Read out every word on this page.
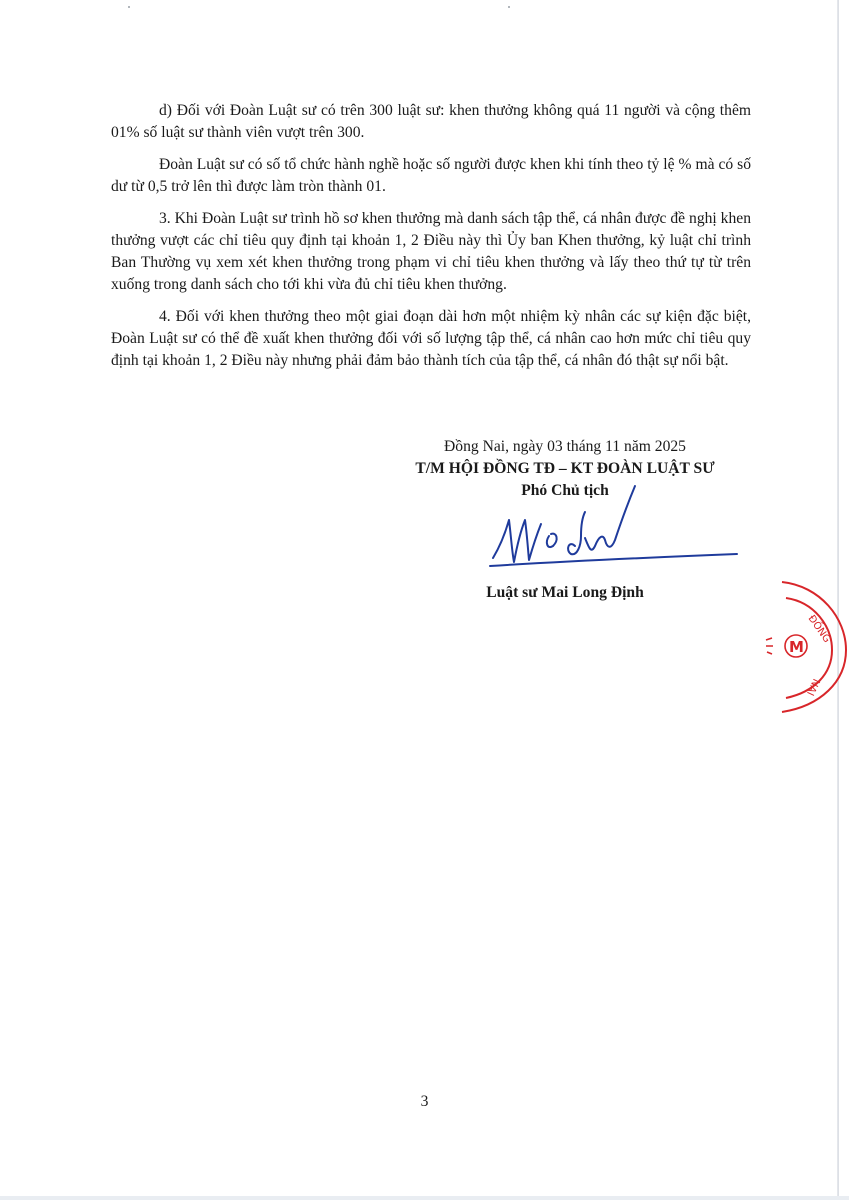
d) Đối với Đoàn Luật sư có trên 300 luật sư: khen thưởng không quá 11 người và cộng thêm 01% số luật sư thành viên vượt trên 300.

Đoàn Luật sư có số tổ chức hành nghề hoặc số người được khen khi tính theo tỷ lệ % mà có số dư từ 0,5 trở lên thì được làm tròn thành 01.

3. Khi Đoàn Luật sư trình hồ sơ khen thưởng mà danh sách tập thể, cá nhân được đề nghị khen thưởng vượt các chỉ tiêu quy định tại khoản 1, 2 Điều này thì Ủy ban Khen thưởng, kỷ luật chỉ trình Ban Thường vụ xem xét khen thưởng trong phạm vi chỉ tiêu khen thưởng và lấy theo thứ tự từ trên xuống trong danh sách cho tới khi vừa đủ chỉ tiêu khen thưởng.

4. Đối với khen thưởng theo một giai đoạn dài hơn một nhiệm kỳ nhân các sự kiện đặc biệt, Đoàn Luật sư có thể đề xuất khen thưởng đối với số lượng tập thể, cá nhân cao hơn mức chỉ tiêu quy định tại khoản 1, 2 Điều này nhưng phải đảm bảo thành tích của tập thể, cá nhân đó thật sự nổi bật.

Đồng Nai, ngày 03 tháng 11 năm 2025

T/M HỘI ĐỒNG TĐ – KT ĐOÀN LUẬT SƯ

Phó Chủ tịch

Luật sư Mai Long Định
ĐỒNG
NAI
M
3
